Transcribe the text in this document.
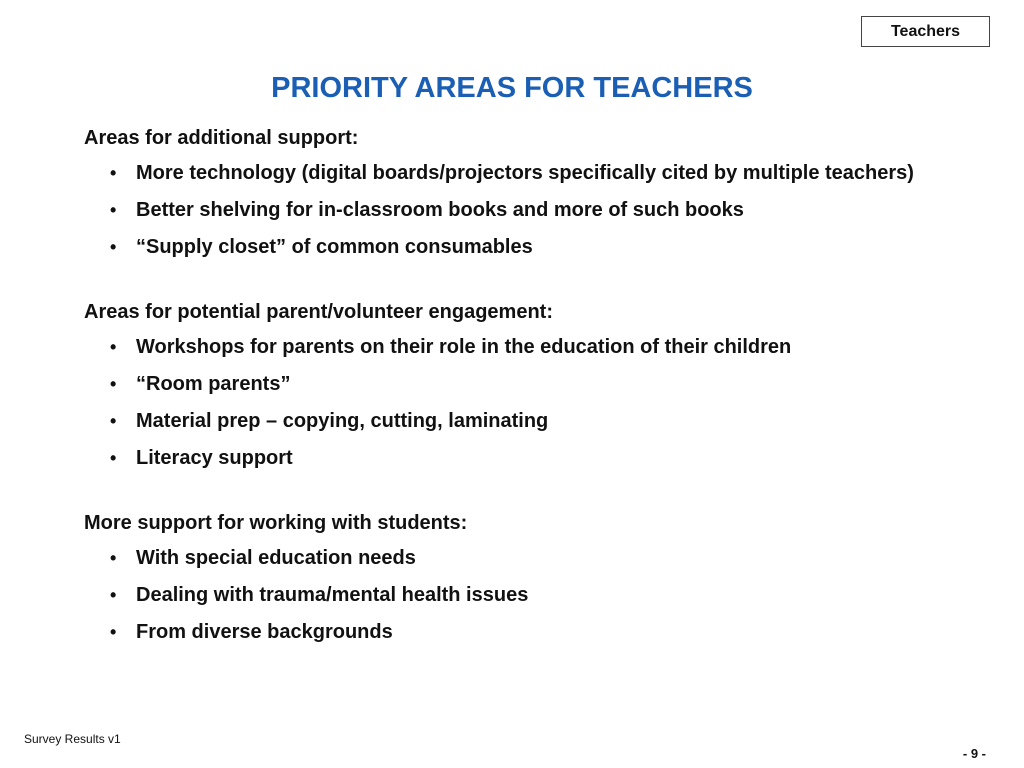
Teachers
PRIORITY AREAS FOR TEACHERS

Areas for additional support:

• More technology (digital boards/projectors specifically cited by multiple teachers)
• Better shelving for in-classroom books and more of such books
• “Supply closet” of common consumables

Areas for potential parent/volunteer engagement:

• Workshops for parents on their role in the education of their children
• “Room parents”
• Material prep – copying, cutting, laminating
• Literacy support

More support for working with students:

• With special education needs
• Dealing with trauma/mental health issues
• From diverse backgrounds
Survey Results v1
- 9 -
